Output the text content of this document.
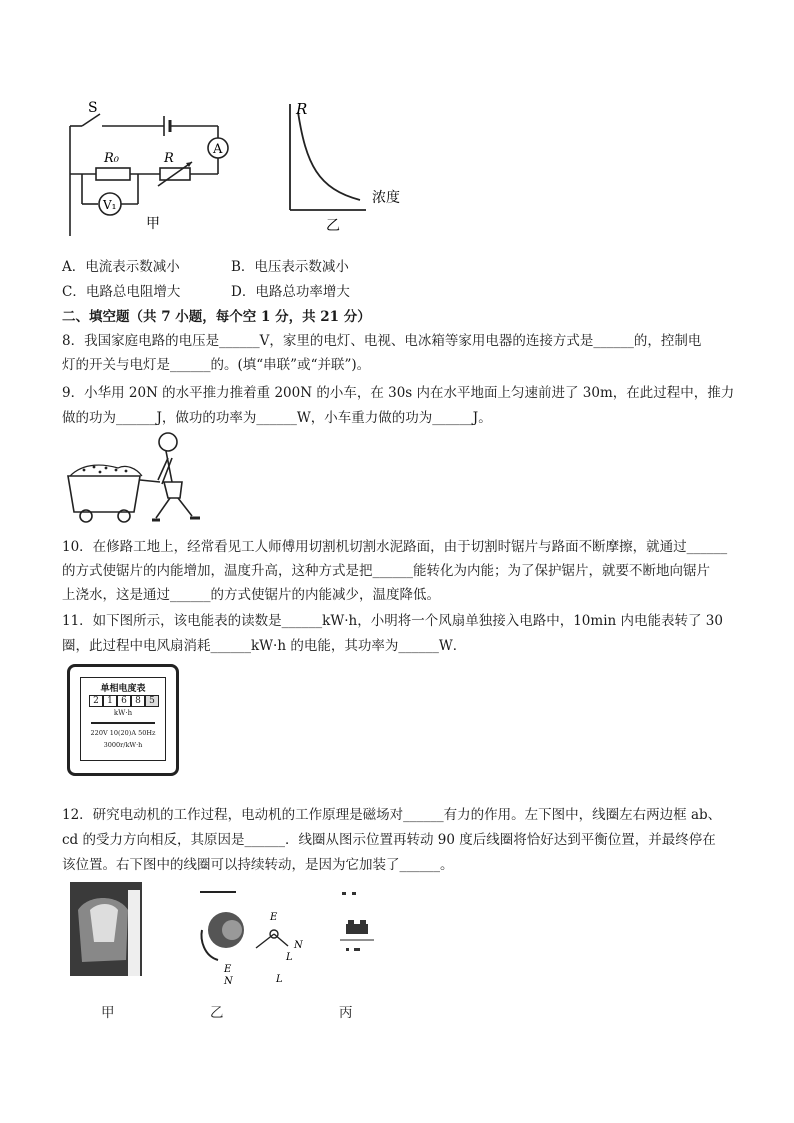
S
A
R₀	R
V₁
甲
R
浓度
乙
A．电流表示数减小	B．电压表示数减小
C．电路总电阻增大	D．电路总功率增大
二、填空题（共 7 小题，每个空 1 分，共 21 分）
8．我国家庭电路的电压是______V，家里的电灯、电视、电冰箱等家用电器的连接方式是______的，控制电
灯的开关与电灯是______的。(填“串联”或“并联”)。
9．小华用 20N 的水平推力推着重 200N 的小车，在 30s 内在水平地面上匀速前进了 30m，在此过程中，推力
做的功为______J，做功的功率为______W，小车重力做的功为______J。
10．在修路工地上，经常看见工人师傅用切割机切割水泥路面，由于切割时锯片与路面不断摩擦，就通过______
的方式使锯片的内能增加，温度升高，这种方式是把______能转化为内能；为了保护锯片，就要不断地向锯片
上浇水，这是通过______的方式使锯片的内能减少，温度降低。
11．如下图所示，该电能表的读数是______kW·h，小明将一个风扇单独接入电路中，10min 内电能表转了 30
圈，此过程中电风扇消耗______kW·h 的电能，其功率为______W．
单相电度表
2 1 6 8 5
kW·h
220V 10(20)A 50Hz
3000r/kW·h
12．研究电动机的工作过程，电动机的工作原理是磁场对______有力的作用。左下图中，线圈左右两边框 ab、
cd 的受力方向相反，其原因是______．线圈从图示位置再转动 90 度后线圈将恰好达到平衡位置，并最终停在
该位置。右下图中的线圈可以持续转动，是因为它加装了______。
E
N
L
E
N	L
甲	乙	丙
